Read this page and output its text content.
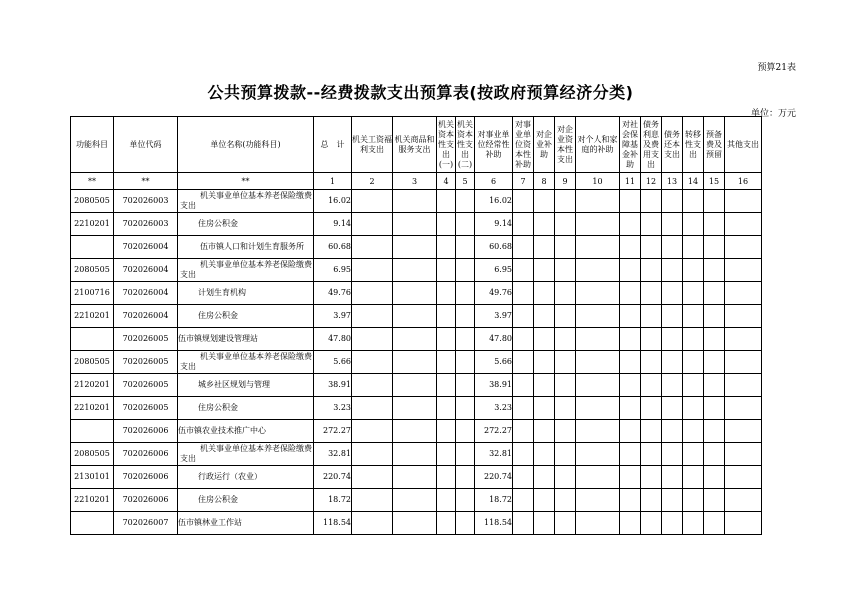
预算21表
公共预算拨款--经费拨款支出预算表(按政府预算经济分类)
单位：万元
功能科目	单位代码	单位名称(功能科目)	总　计	机关工资福利支出	机关商品和服务支出	机关资本性支出(一)	机关资本性支出(二)	对事业单位经常性补助	对事业单位资本性补助	对企业补助	对企业资本性支出	对个人和家庭的补助	对社会保障基金补助	债务利息及费用支出	债务还本支出	转移性支出	预备费及预留	其他支出
**	**	**	1	2	3	4	5	6	7	8	9	10	11	12	13	14	15	16
2080505	702026003	机关事业单位基本养老保险缴费支出	16.02					16.02										
2210201	702026003	住房公积金	9.14					9.14										
	702026004	伍市镇人口和计划生育服务所	60.68					60.68										
2080505	702026004	机关事业单位基本养老保险缴费支出	6.95					6.95										
2100716	702026004	计划生育机构	49.76					49.76										
2210201	702026004	住房公积金	3.97					3.97										
	702026005	伍市镇规划建设管理站	47.80					47.80										
2080505	702026005	机关事业单位基本养老保险缴费支出	5.66					5.66										
2120201	702026005	城乡社区规划与管理	38.91					38.91										
2210201	702026005	住房公积金	3.23					3.23										
	702026006	伍市镇农业技术推广中心	272.27					272.27										
2080505	702026006	机关事业单位基本养老保险缴费支出	32.81					32.81										
2130101	702026006	行政运行（农业）	220.74					220.74										
2210201	702026006	住房公积金	18.72					18.72										
	702026007	伍市镇林业工作站	118.54					118.54										
